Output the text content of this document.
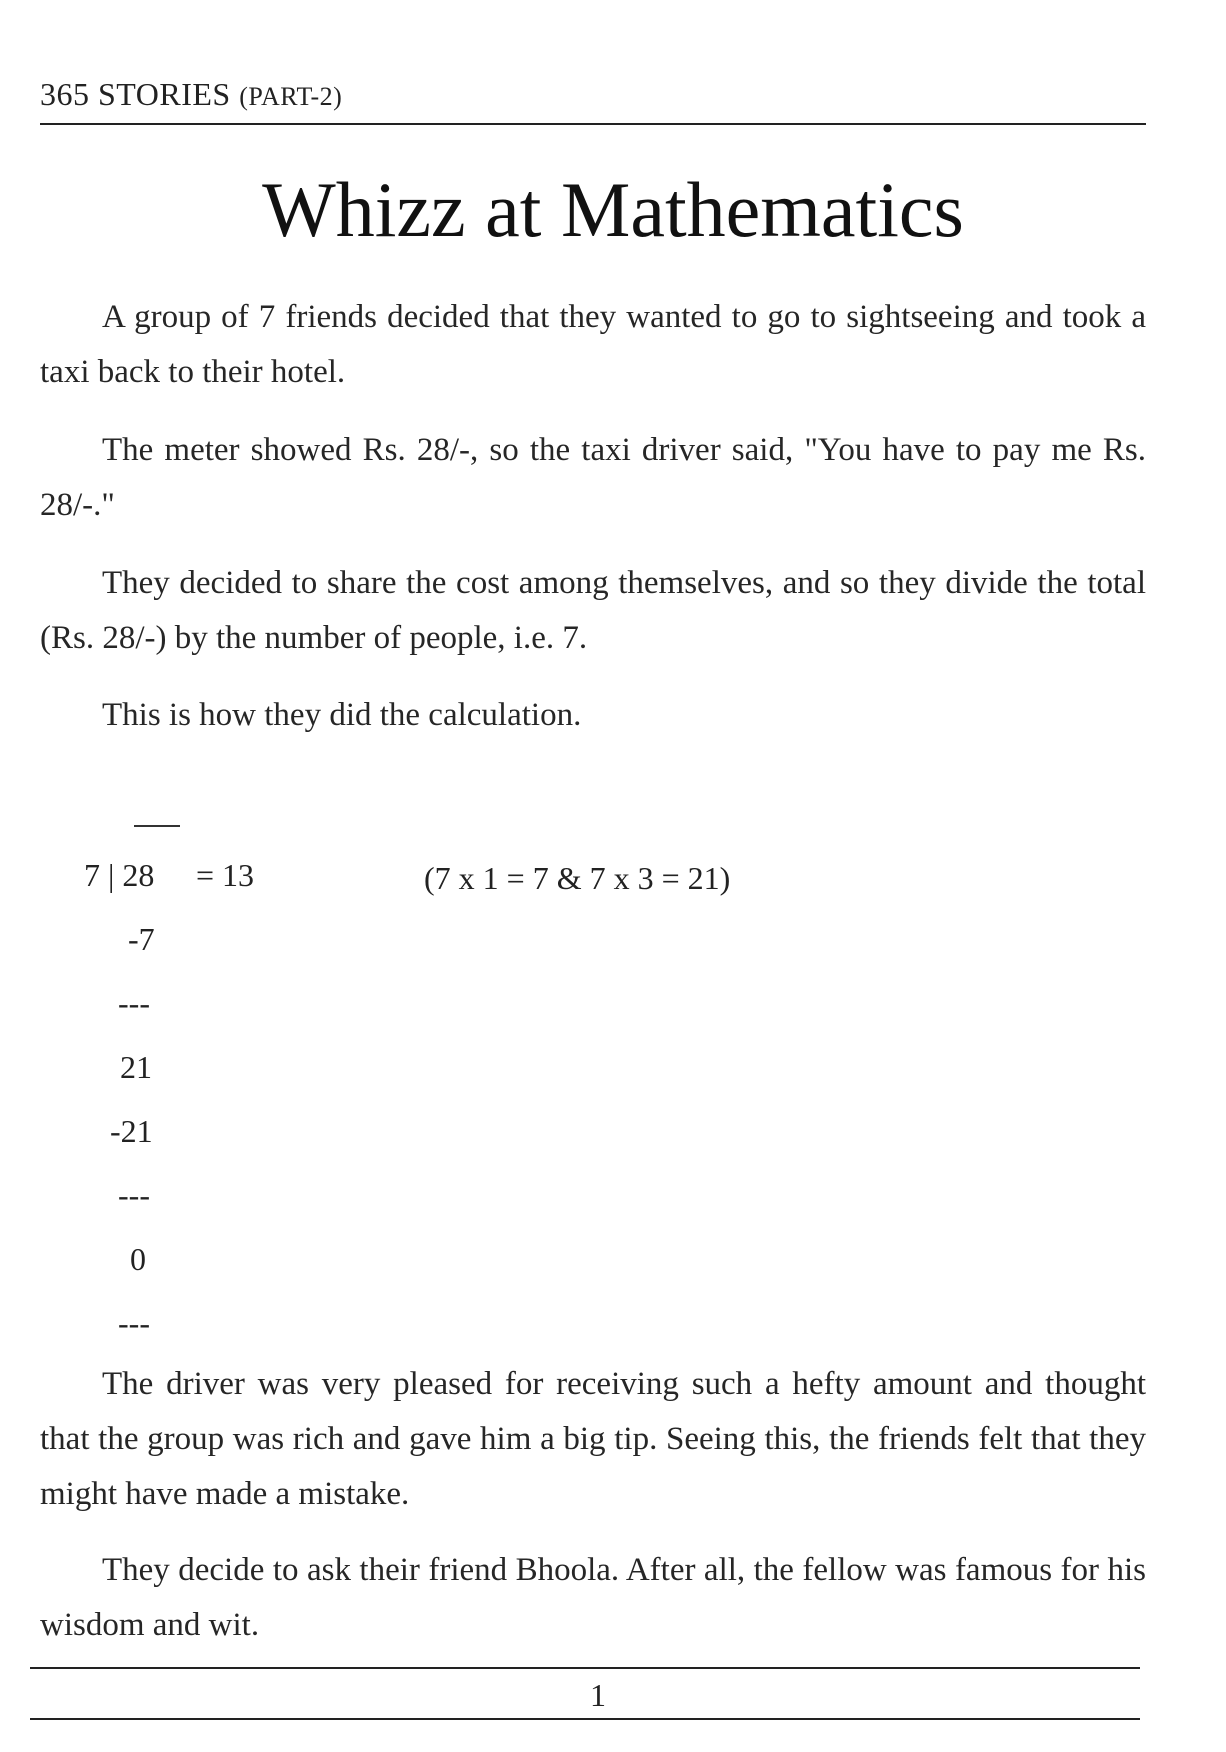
365 STORIES (PART-2)
Whizz at Mathematics

A group of 7 friends decided that they wanted to go to sightseeing and took a taxi back to their hotel.

The meter showed Rs. 28/-, so the taxi driver said, "You have to pay me Rs. 28/-."

They decided to share the cost among themselves, and so they divide the total (Rs. 28/-) by the number of people, i.e. 7.

This is how they did the calculation.

7 | 28 = 13	(7 x 1 = 7 & 7 x 3 = 21)
-7
---
21
-21
---
0
---

The driver was very pleased for receiving such a hefty amount and thought that the group was rich and gave him a big tip. Seeing this, the friends felt that they might have made a mistake.

They decide to ask their friend Bhoola. After all, the fellow was famous for his wisdom and wit.

1
